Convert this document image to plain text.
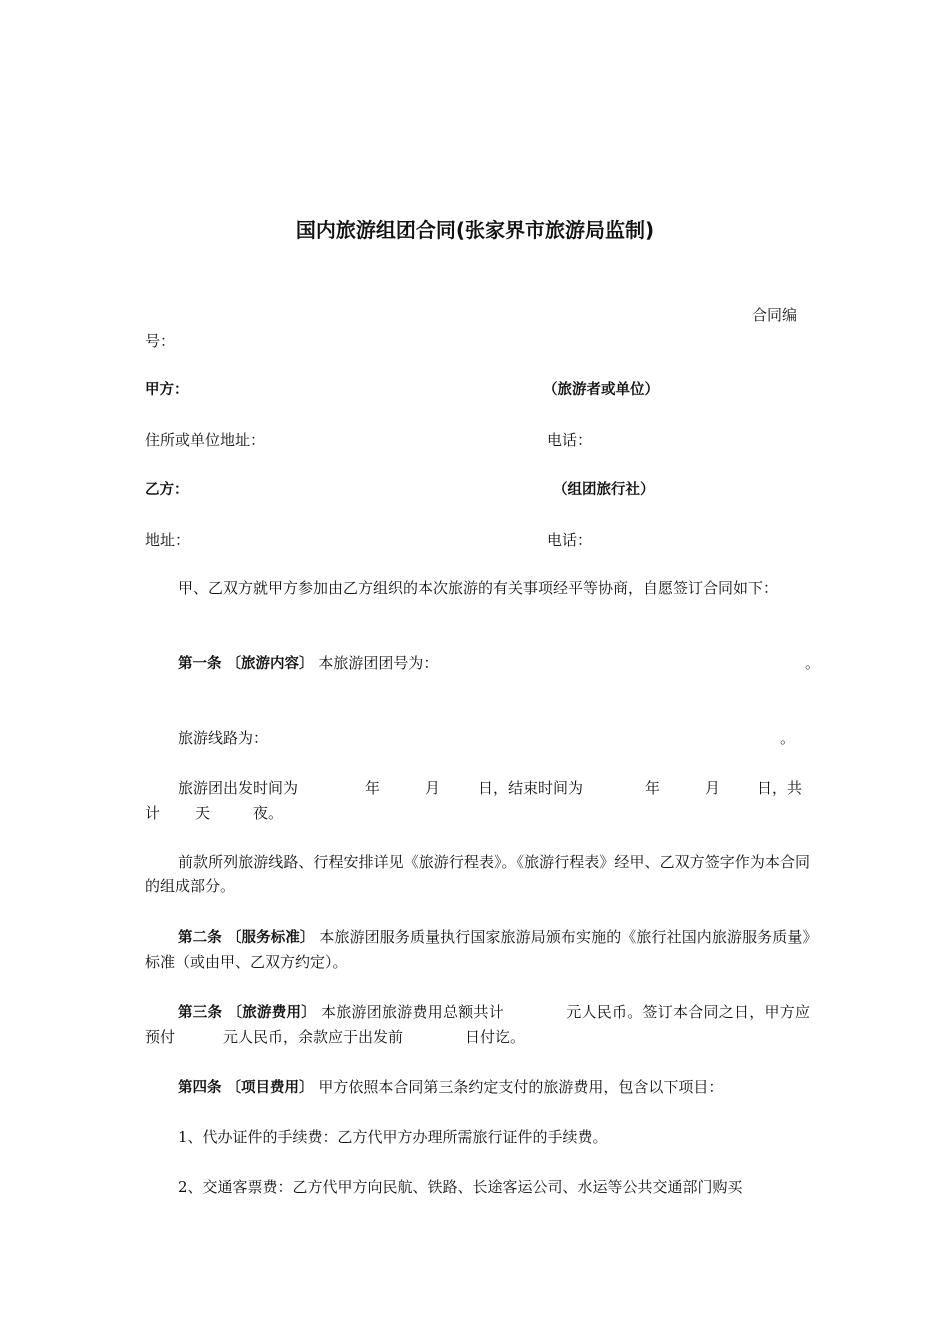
国内旅游组团合同(张家界市旅游局监制)
合同编
号：
甲方：	（旅游者或单位）
住所或单位地址：	电话：
乙方：	（组团旅行社）
地址：	电话：
甲、乙双方就甲方参加由乙方组织的本次旅游的有关事项经平等协商，自愿签订合同如下：
第一条 〔旅游内容〕 本旅游团团号为：	。
旅游线路为：	。
旅游团出发时间为	年	月	日，结束时间为	年	月 日，共
计 天	夜。
前款所列旅游线路、行程安排详见《旅游行程表》。《旅游行程表》经甲、乙双方签字作为本合同的组成部分。
第二条 〔服务标准〕 本旅游团服务质量执行国家旅游局颁布实施的《旅行社国内旅游服务质量》标准（或由甲、乙双方约定）。
第三条 〔旅游费用〕 本旅游团旅游费用总额共计	元人民币。签订本合同之日，甲方应预付	元人民币，余款应于出发前	日付讫。
第四条 〔项目费用〕 甲方依照本合同第三条约定支付的旅游费用，包含以下项目：
1、代办证件的手续费：乙方代甲方办理所需旅行证件的手续费。
2、交通客票费：乙方代甲方向民航、铁路、长途客运公司、水运等公共交通部门购买
